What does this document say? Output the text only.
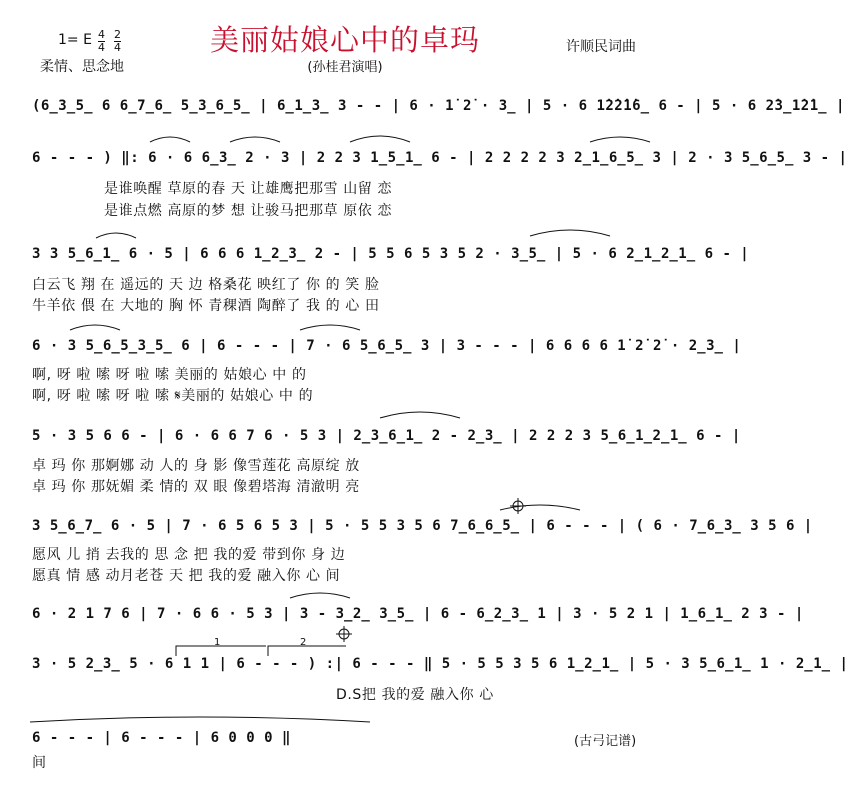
美丽姑娘心中的卓玛
1= E 4
4
2
4
柔情、思念地
许顺民词曲
(孙桂君演唱)
(6̲3̲5̲ 6 6̲7̲6̲ 5̲3̲6̲5̲ | 6̲1̲3̲ 3 - - | 6 · 1̇ 2̇ · 3̲ | 5 · 6 1̇2̇2̇1̇6̲ 6 - | 5 · 6 2̇3̲1̇2̇1̲ |
6 - - - ) ‖: 6 · 6 6̲3̲ 2 · 3 | 2 2 3 1̲5̲1̲ 6 - | 2 2 2 2 3 2̲1̲6̲5̲ 3 | 2 · 3 5̲6̲5̲ 3 - |
是谁唤醒 草原的春 天 让雄鹰把那雪 山留 恋
是谁点燃 高原的梦 想 让骏马把那草 原依 恋
3 3 5̲6̲1̲ 6 · 5 | 6 6 6 1̲2̲3̲ 2 - | 5 5 6 5 3 5 2 · 3̲5̲ | 5 · 6 2̲1̲2̲1̲ 6 - |
白云飞 翔 在 遥远的 天 边 格桑花 映红了 你 的 笑 脸
牛羊依 偎 在 大地的 胸 怀 青稞酒 陶醉了 我 的 心 田
6 · 3 5̲6̲5̲3̲5̲ 6 | 6 - - - | 7 · 6 5̲6̲5̲ 3 | 3 - - - | 6 6 6 6 1̇ 2̇ 2̇ · 2̲3̲ |
啊, 呀 啦 嗦 呀 啦 嗦 美丽的 姑娘心 中 的
啊, 呀 啦 嗦 呀 啦 嗦 𝄋美丽的 姑娘心 中 的
5 · 3 5 6 6 - | 6 · 6 6 7 6 · 5 3 | 2̲3̲6̲1̲ 2 - 2̲3̲ | 2 2 2 3 5̲6̲1̲2̲1̲ 6 - |
卓 玛 你 那婀娜 动 人的 身 影 像雪莲花 高原绽 放
卓 玛 你 那妩媚 柔 情的 双 眼 像碧塔海 清澈明 亮
3 5̲6̲7̲ 6 · 5 | 7 · 6 5 6 5 3 | 5 · 5 5 3 5 6 7̲6̲6̲5̲ | 6 - - - | ( 6 · 7̲6̲3̲ 3 5 6 |
愿风 儿 捎 去我的 思 念 把 我的爱 带到你 身 边
愿真 情 感 动月老苍 天 把 我的爱 融入你 心 间
6 · 2 1 7 6 | 7 · 6 6 · 5 3 | 3 - 3̲2̲ 3̲5̲ | 6 - 6̲2̲3̲ 1 | 3 · 5 2 1 | 1̲6̲1̲ 2 3 - |
3 · 5 2̲3̲ 5 · 6 1 1 | 6 - - - ) :| 6 - - - ‖ 5 · 5 5 3 5 6 1̲2̲1̲ | 5 · 3 5̲6̲1̲ 1 · 2̲1̲ |
D.S把 我的爱 融入你 心
1	2
6 - - - | 6 - - - | 6 0 0 0 ‖
间
(古弓记谱)
